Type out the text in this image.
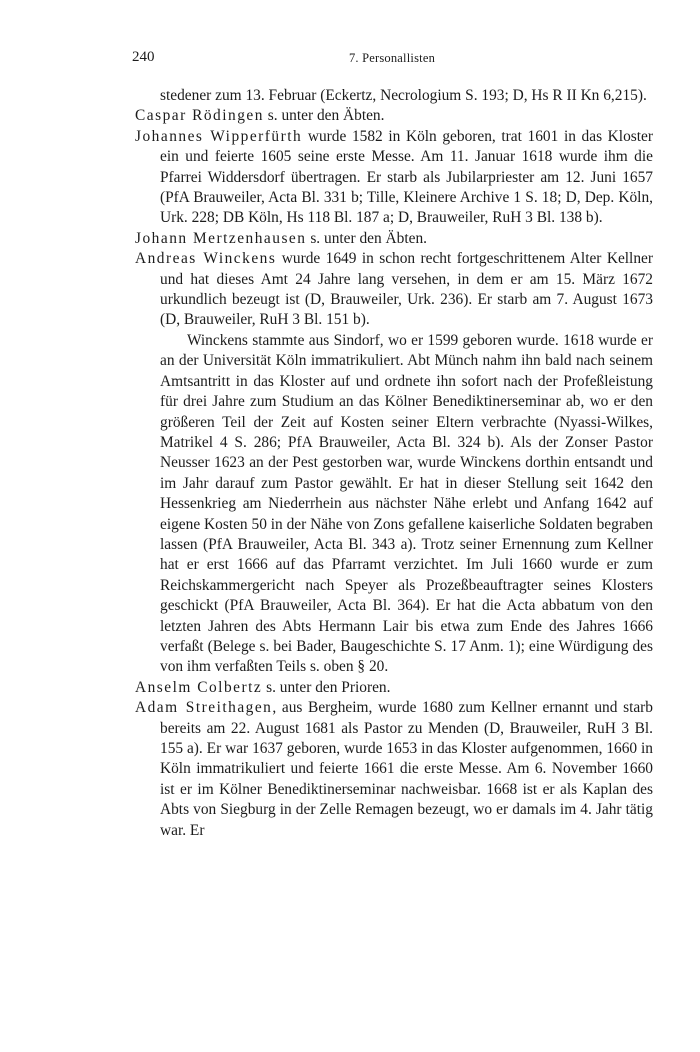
240	7. Personallisten

stedener zum 13. Februar (Eckertz, Necrologium S. 193; D, Hs R II Kn 6,215).

Caspar Rödingen s. unter den Äbten.

Johannes Wipperfürth wurde 1582 in Köln geboren, trat 1601 in das Kloster ein und feierte 1605 seine erste Messe. Am 11. Januar 1618 wurde ihm die Pfarrei Widdersdorf übertragen. Er starb als Jubilarpriester am 12. Juni 1657 (PfA Brauweiler, Acta Bl. 331 b; Tille, Kleinere Archive 1 S. 18; D, Dep. Köln, Urk. 228; DB Köln, Hs 118 Bl. 187 a; D, Brauweiler, RuH 3 Bl. 138 b).

Johann Mertzenhausen s. unter den Äbten.

Andreas Winckens wurde 1649 in schon recht fortgeschrittenem Alter Kellner und hat dieses Amt 24 Jahre lang versehen, in dem er am 15. März 1672 urkundlich bezeugt ist (D, Brauweiler, Urk. 236). Er starb am 7. August 1673 (D, Brauweiler, RuH 3 Bl. 151 b).

Winckens stammte aus Sindorf, wo er 1599 geboren wurde. 1618 wurde er an der Universität Köln immatrikuliert. Abt Münch nahm ihn bald nach seinem Amtsantritt in das Kloster auf und ordnete ihn sofort nach der Profeßleistung für drei Jahre zum Studium an das Kölner Benediktinerseminar ab, wo er den größeren Teil der Zeit auf Kosten seiner Eltern verbrachte (Nyassi-Wilkes, Matrikel 4 S. 286; PfA Brauweiler, Acta Bl. 324 b). Als der Zonser Pastor Neusser 1623 an der Pest gestorben war, wurde Winckens dorthin entsandt und im Jahr darauf zum Pastor gewählt. Er hat in dieser Stellung seit 1642 den Hessenkrieg am Niederrhein aus nächster Nähe erlebt und Anfang 1642 auf eigene Kosten 50 in der Nähe von Zons gefallene kaiserliche Soldaten begraben lassen (PfA Brauweiler, Acta Bl. 343 a). Trotz seiner Ernennung zum Kellner hat er erst 1666 auf das Pfarramt verzichtet. Im Juli 1660 wurde er zum Reichskammergericht nach Speyer als Prozeßbeauftragter seines Klosters geschickt (PfA Brauweiler, Acta Bl. 364). Er hat die Acta abbatum von den letzten Jahren des Abts Hermann Lair bis etwa zum Ende des Jahres 1666 verfaßt (Belege s. bei Bader, Baugeschichte S. 17 Anm. 1); eine Würdigung des von ihm verfaßten Teils s. oben § 20.

Anselm Colbertz s. unter den Prioren.

Adam Streithagen, aus Bergheim, wurde 1680 zum Kellner ernannt und starb bereits am 22. August 1681 als Pastor zu Menden (D, Brauweiler, RuH 3 Bl. 155 a). Er war 1637 geboren, wurde 1653 in das Kloster aufgenommen, 1660 in Köln immatrikuliert und feierte 1661 die erste Messe. Am 6. November 1660 ist er im Kölner Benediktinerseminar nachweisbar. 1668 ist er als Kaplan des Abts von Siegburg in der Zelle Remagen bezeugt, wo er damals im 4. Jahr tätig war. Er
